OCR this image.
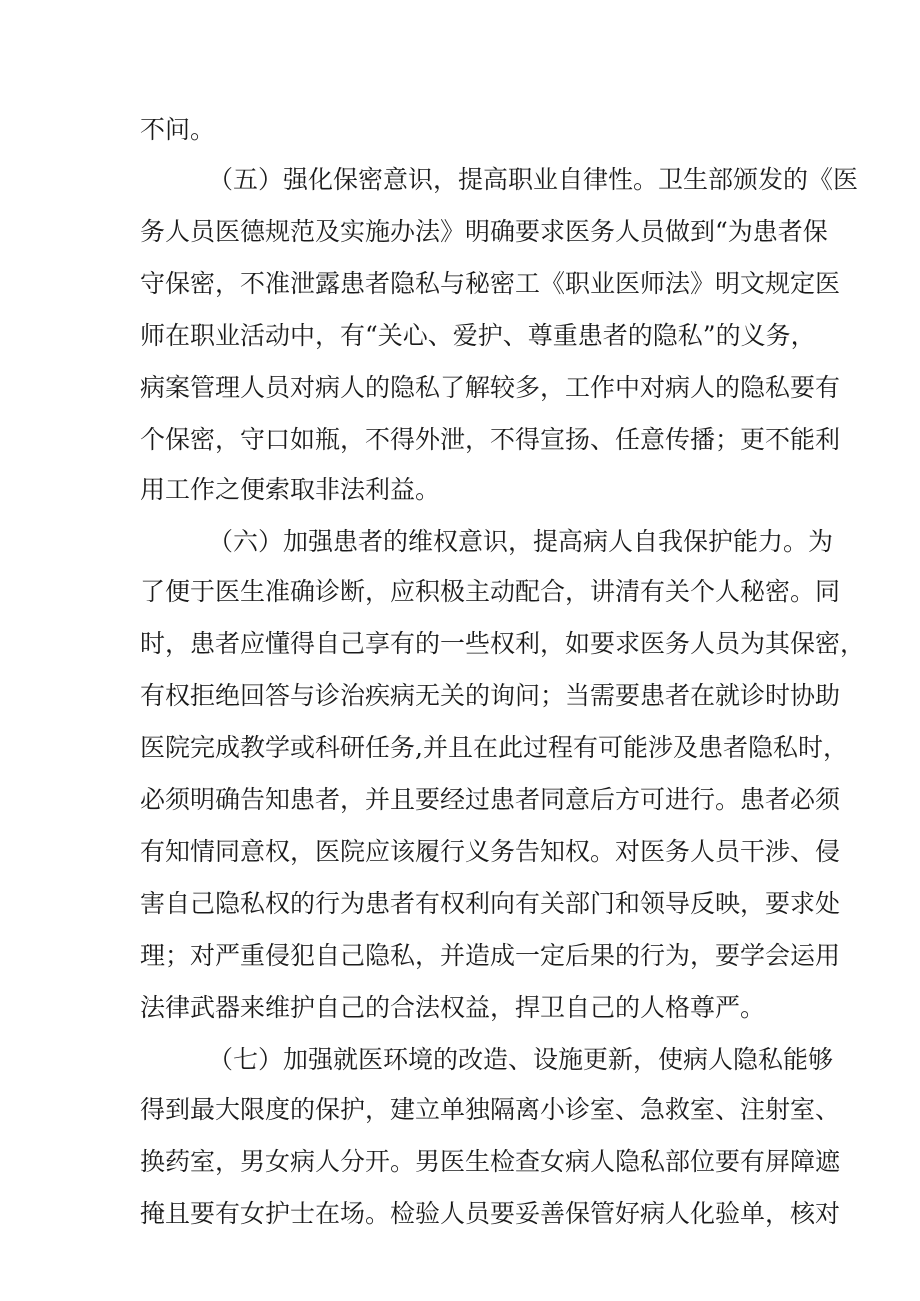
不问。
（五）强化保密意识，提高职业自律性。卫生部颁发的《医
务人员医德规范及实施办法》明确要求医务人员做到“为患者保
守保密，不准泄露患者隐私与秘密工《职业医师法》明文规定医
师在职业活动中，有“关心、爱护、尊重患者的隐私”的义务，
病案管理人员对病人的隐私了解较多，工作中对病人的隐私要有
个保密，守口如瓶，不得外泄，不得宣扬、任意传播；更不能利
用工作之便索取非法利益。
（六）加强患者的维权意识，提高病人自我保护能力。为
了便于医生准确诊断，应积极主动配合，讲清有关个人秘密。同
时，患者应懂得自己享有的一些权利，如要求医务人员为其保密，
有权拒绝回答与诊治疾病无关的询问；当需要患者在就诊时协助
医院完成教学或科研任务,并且在此过程有可能涉及患者隐私时，
必须明确告知患者，并且要经过患者同意后方可进行。患者必须
有知情同意权，医院应该履行义务告知权。对医务人员干涉、侵
害自己隐私权的行为患者有权利向有关部门和领导反映，要求处
理；对严重侵犯自己隐私，并造成一定后果的行为，要学会运用
法律武器来维护自己的合法权益，捍卫自己的人格尊严。
（七）加强就医环境的改造、设施更新，使病人隐私能够
得到最大限度的保护，建立单独隔离小诊室、急救室、注射室、
换药室，男女病人分开。男医生检查女病人隐私部位要有屏障遮
掩且要有女护士在场。检验人员要妥善保管好病人化验单，核对
